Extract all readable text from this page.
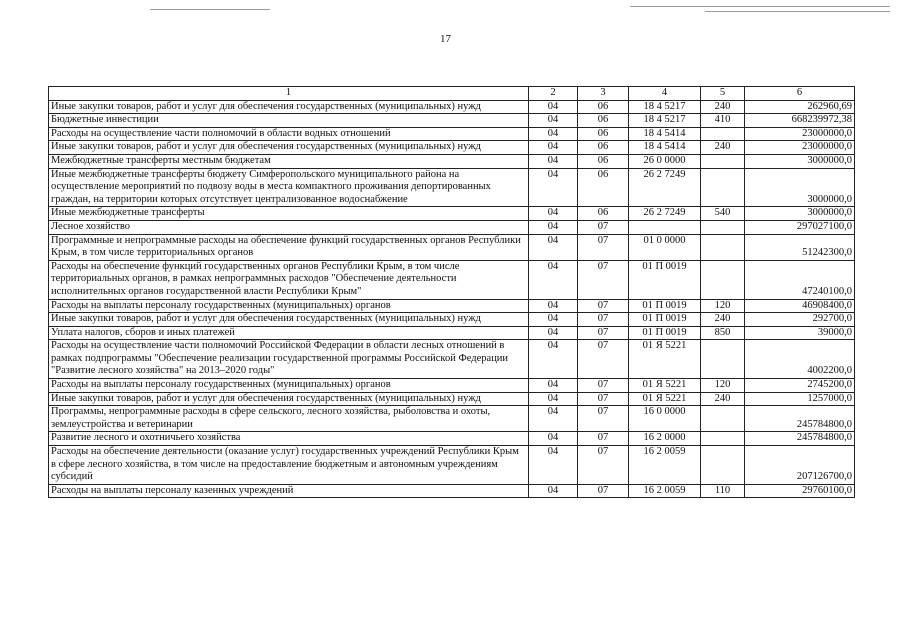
17
1	2	3	4	5	6
Иные закупки товаров, работ и услуг для обеспечения государственных (муниципальных) нужд	04	06	18 4 5217	240	262960,69
Бюджетные инвестиции	04	06	18 4 5217	410	668239972,38
Расходы на осуществление части полномочий в области водных отношений	04	06	18 4 5414		23000000,0
Иные закупки товаров, работ и услуг для обеспечения государственных (муниципальных) нужд	04	06	18 4 5414	240	23000000,0
Межбюджетные трансферты местным бюджетам	04	06	26 0 0000		3000000,0
Иные межбюджетные трансферты бюджету Симферопольского муниципального района на осуществление мероприятий по подвозу воды в места компактного проживания депортированных граждан, на территории которых отсутствует централизованное водоснабжение	04	06	26 2 7249		3000000,0
Иные межбюджетные трансферты	04	06	26 2 7249	540	3000000,0
Лесное хозяйство	04	07			297027100,0
Программные и непрограммные расходы на обеспечение функций государственных органов Республики Крым, в том числе территориальных органов	04	07	01 0 0000		51242300,0
Расходы на обеспечение функций государственных органов Республики Крым, в том числе территориальных органов, в рамках непрограммных расходов "Обеспечение деятельности исполнительных органов государственной власти Республики Крым"	04	07	01 П 0019		47240100,0
Расходы на выплаты персоналу государственных (муниципальных) органов	04	07	01 П 0019	120	46908400,0
Иные закупки товаров, работ и услуг для обеспечения государственных (муниципальных) нужд	04	07	01 П 0019	240	292700,0
Уплата налогов, сборов и иных платежей	04	07	01 П 0019	850	39000,0
Расходы на осуществление части полномочий Российской Федерации в области лесных отношений в рамках подпрограммы "Обеспечение реализации государственной программы Российской Федерации "Развитие лесного хозяйства" на 2013–2020 годы"	04	07	01 Я 5221		4002200,0
Расходы на выплаты персоналу государственных (муниципальных) органов	04	07	01 Я 5221	120	2745200,0
Иные закупки товаров, работ и услуг для обеспечения государственных (муниципальных) нужд	04	07	01 Я 5221	240	1257000,0
Программы, непрограммные расходы в сфере сельского, лесного хозяйства, рыболовства и охоты, землеустройства и ветеринарии	04	07	16 0 0000		245784800,0
Развитие лесного и охотничьего хозяйства	04	07	16 2 0000		245784800,0
Расходы на обеспечение деятельности (оказание услуг) государственных учреждений Республики Крым в сфере лесного хозяйства, в том числе на предоставление бюджетным и автономным учреждениям субсидий	04	07	16 2 0059		207126700,0
Расходы на выплаты персоналу казенных учреждений	04	07	16 2 0059	110	29760100,0
